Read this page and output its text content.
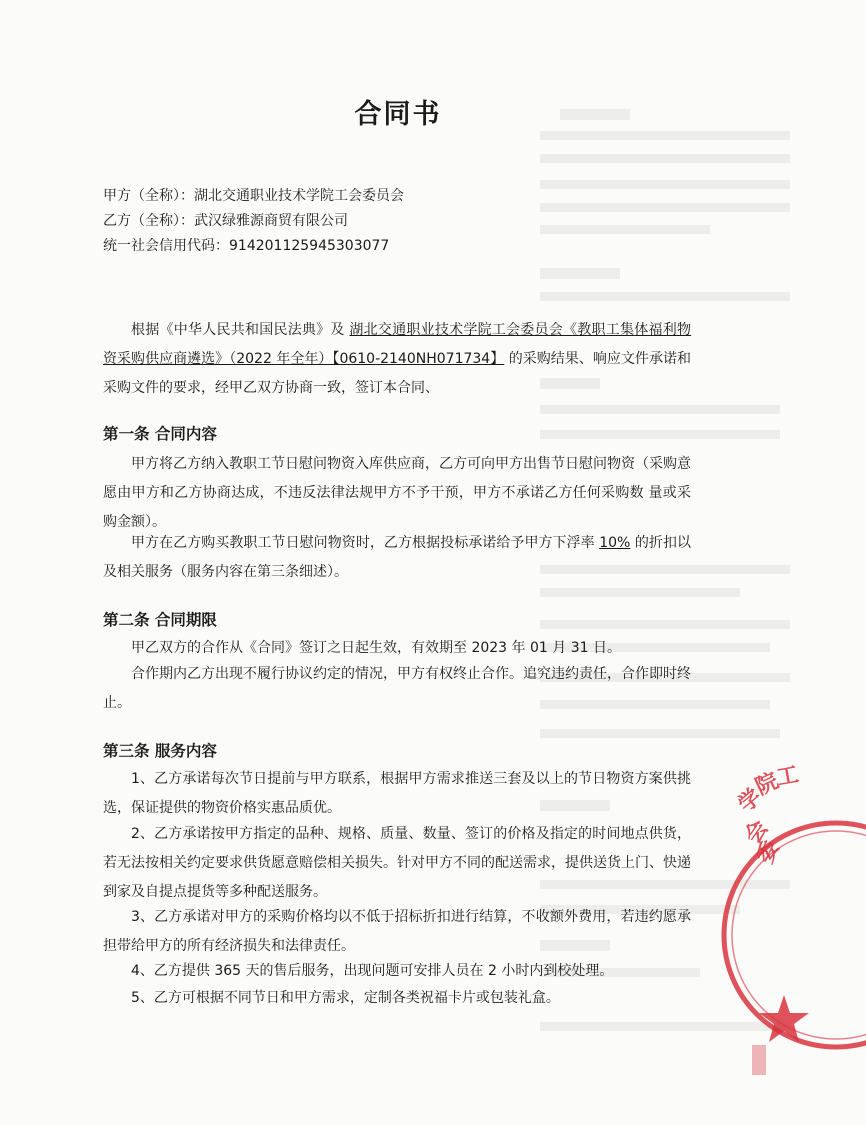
合同书
甲方（全称）：湖北交通职业技术学院工会委员会
乙方（全称）：武汉绿雅源商贸有限公司
统一社会信用代码：914201125945303077
根据《中华人民共和国民法典》及 湖北交通职业技术学院工会委员会《教职工集体福利物资采购供应商遴选》（2022 年全年）【0610-2140NH071734】 的采购结果、响应文件承诺和采购文件的要求，经甲乙双方协商一致，签订本合同、
第一条 合同内容
甲方将乙方纳入教职工节日慰问物资入库供应商，乙方可向甲方出售节日慰问物资（采购意愿由甲方和乙方协商达成，不违反法律法规甲方不予干预，甲方不承诺乙方任何采购数 量或采购金额）。
甲方在乙方购买教职工节日慰问物资时，乙方根据投标承诺给予甲方下浮率 10% 的折扣以及相关服务（服务内容在第三条细述）。
第二条 合同期限
甲乙双方的合作从《合同》签订之日起生效，有效期至 2023 年 01 月 31 日。
合作期内乙方出现不履行协议约定的情况，甲方有权终止合作。追究违约责任，合作即时终止。
第三条 服务内容
1、乙方承诺每次节日提前与甲方联系，根据甲方需求推送三套及以上的节日物资方案供挑选，保证提供的物资价格实惠品质优。
2、乙方承诺按甲方指定的品种、规格、质量、数量、签订的价格及指定的时间地点供货，若无法按相关约定要求供货愿意赔偿相关损失。针对甲方不同的配送需求，提供送货上门、快递到家及自提点提货等多种配送服务。
3、乙方承诺对甲方的采购价格均以不低于招标折扣进行结算，不收额外费用，若违约愿承担带给甲方的所有经济损失和法律责任。
4、乙方提供 365 天的售后服务，出现问题可安排人员在 2 小时内到校处理。
5、乙方可根据不同节日和甲方需求，定制各类祝福卡片或包装礼盒。
学
院
工
会
委
